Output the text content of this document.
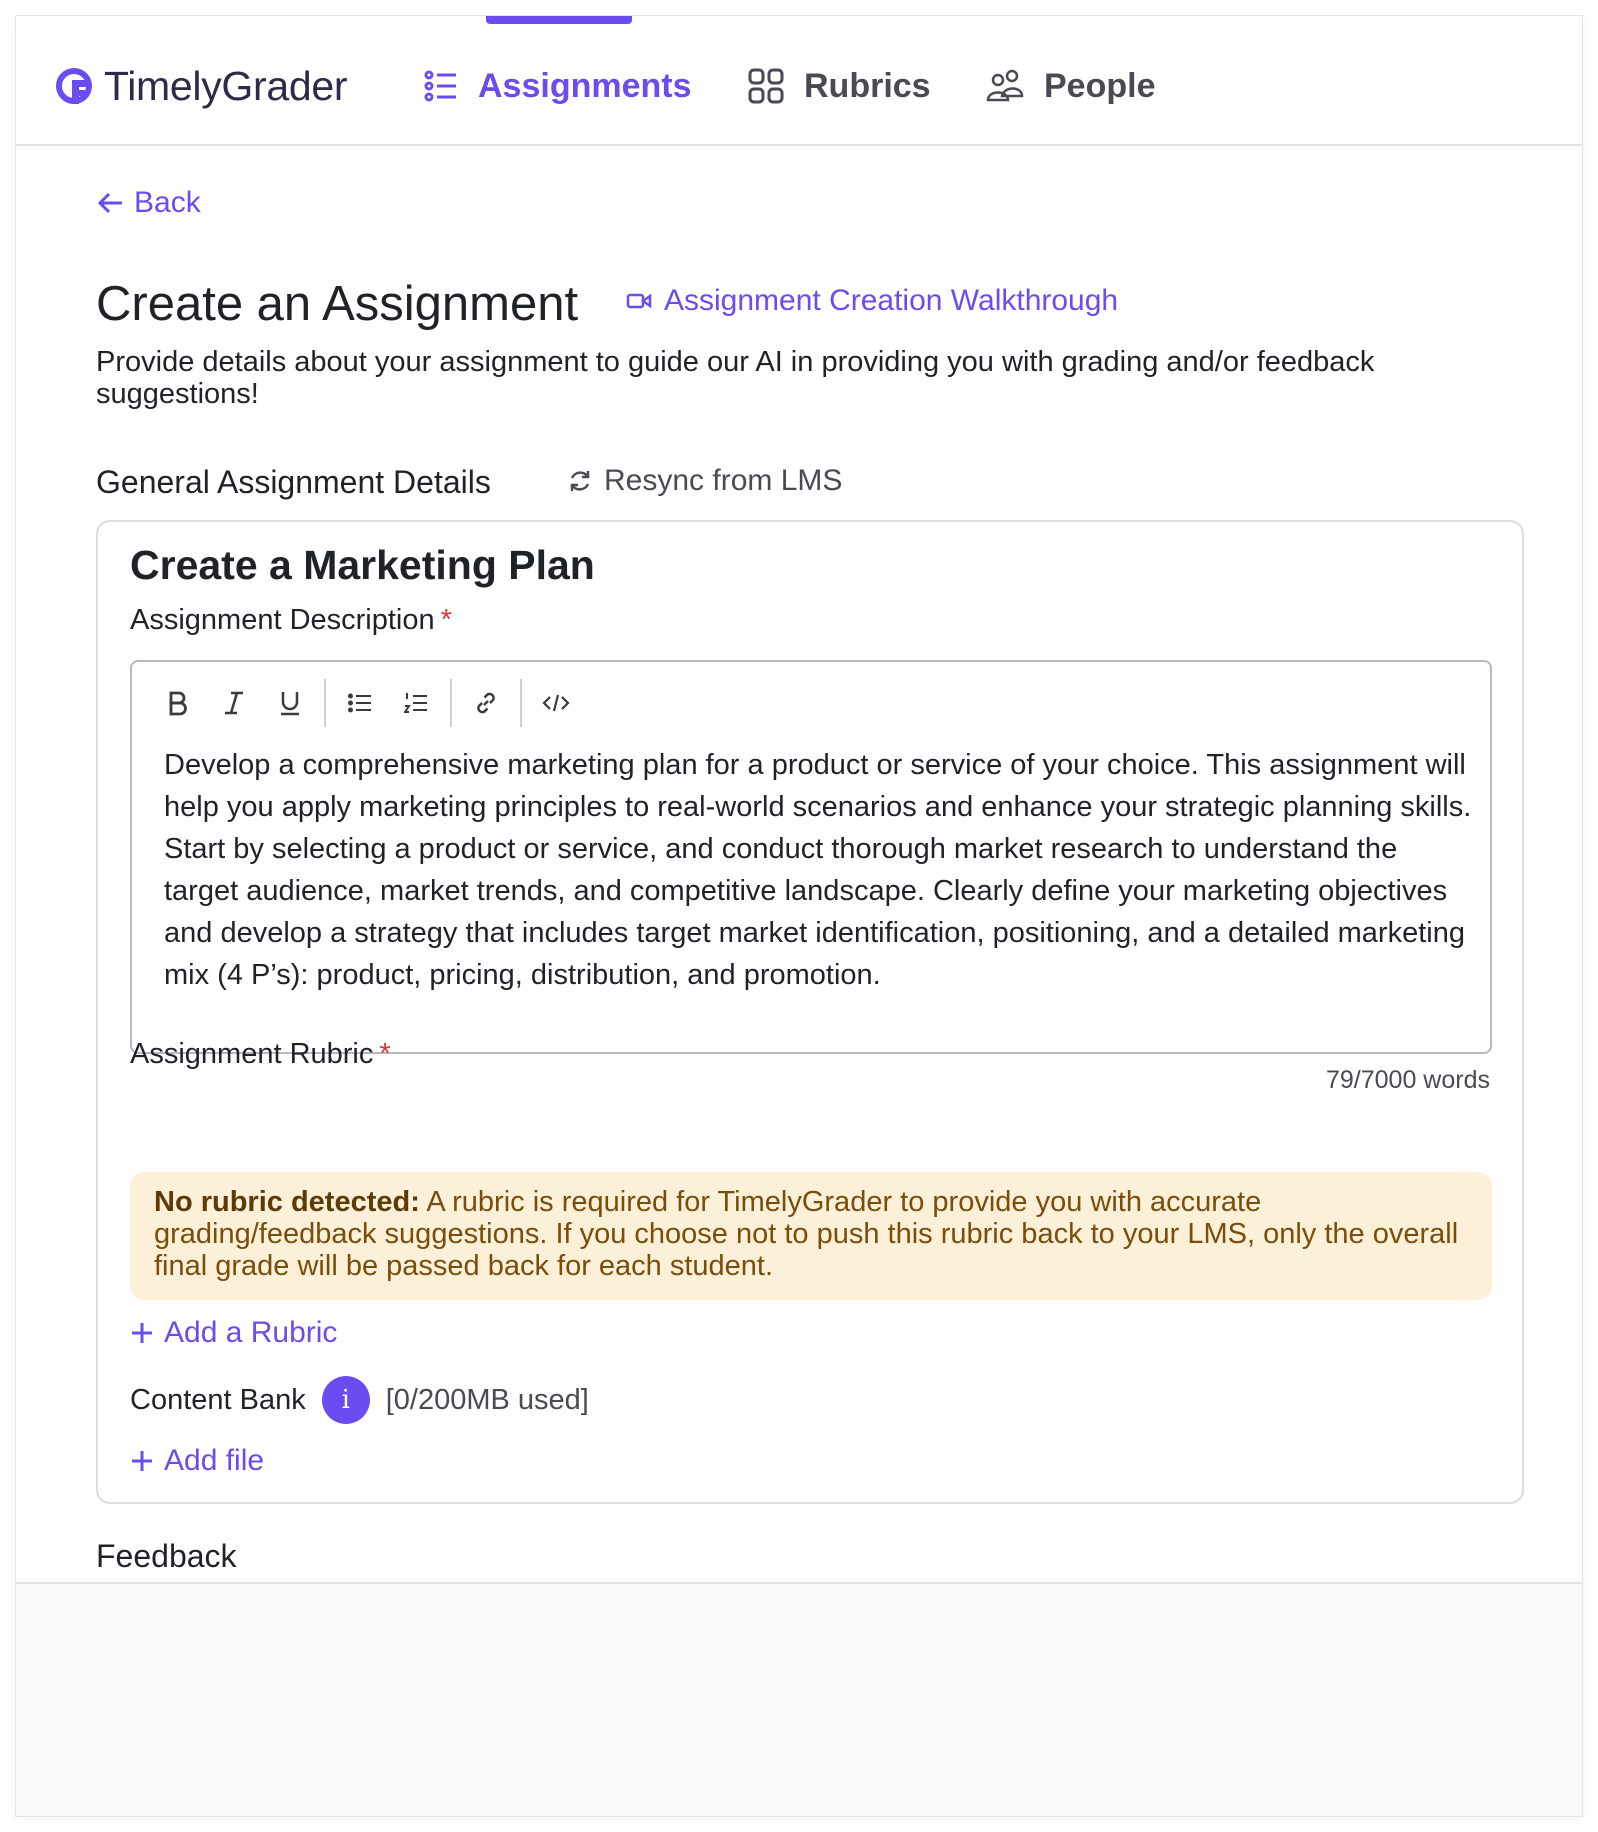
TimelyGrader	Assignments	Rubrics	People
Back
Create an Assignment	Assignment Creation Walkthrough

Provide details about your assignment to guide our AI in providing you with grading and/or feedback suggestions!

General Assignment Details	Resync from LMS
Create a Marketing Plan
Assignment Description *
Develop a comprehensive marketing plan for a product or service of your choice. This assignment will help you apply marketing principles to real-world scenarios and enhance your strategic planning skills. Start by selecting a product or service, and conduct thorough market research to understand the target audience, market trends, and competitive landscape. Clearly define your marketing objectives and develop a strategy that includes target market identification, positioning, and a detailed marketing mix (4 P’s): product, pricing, distribution, and promotion.
79/7000 words
Assignment Rubric *
No rubric detected: A rubric is required for TimelyGrader to provide you with accurate grading/feedback suggestions. If you choose not to push this rubric back to your LMS, only the overall final grade will be passed back for each student.
Add a Rubric
Content Bank	i	[0/200MB used]
Add file
Feedback
